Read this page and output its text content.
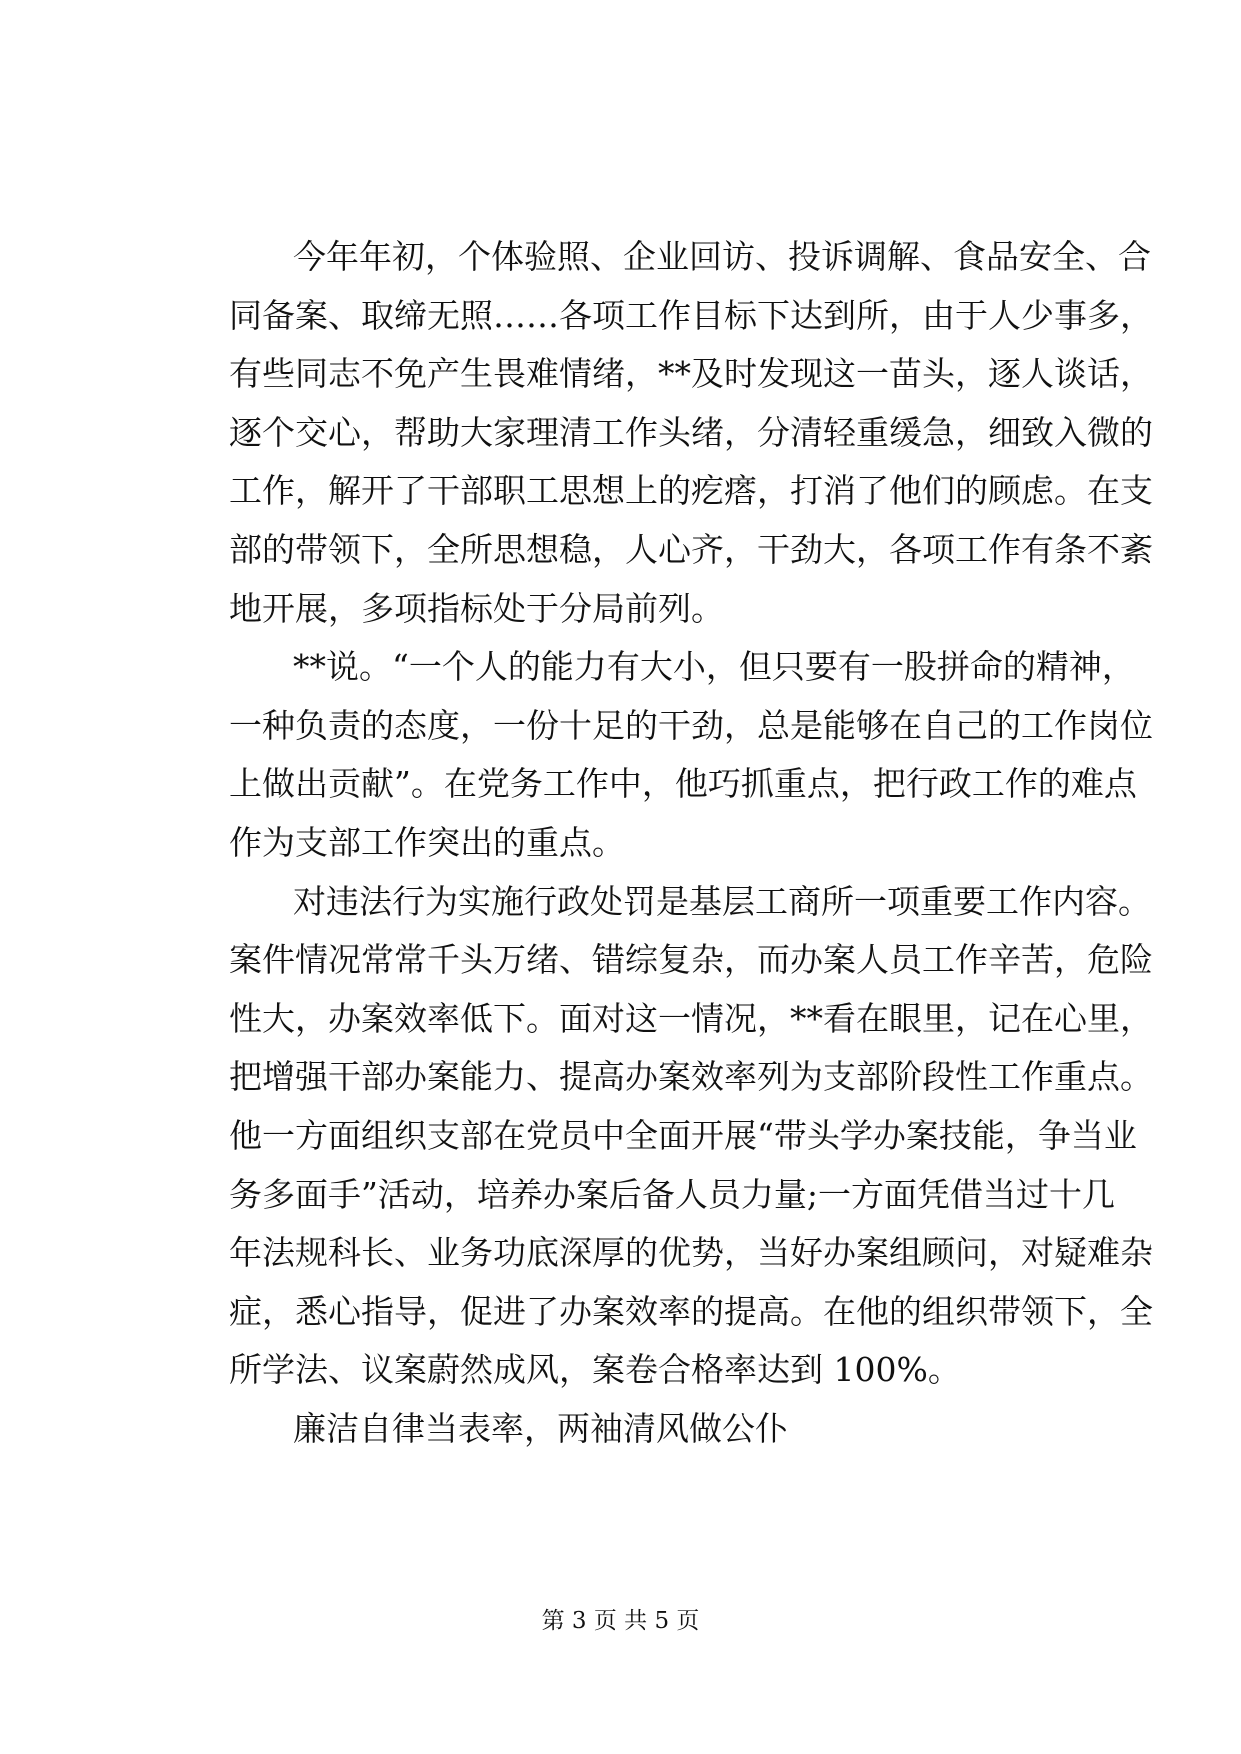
今年年初，个体验照、企业回访、投诉调解、食品安全、合
同备案、取缔无照……各项工作目标下达到所，由于人少事多，
有些同志不免产生畏难情绪，**及时发现这一苗头，逐人谈话，
逐个交心，帮助大家理清工作头绪，分清轻重缓急，细致入微的
工作，解开了干部职工思想上的疙瘩，打消了他们的顾虑。在支
部的带领下，全所思想稳，人心齐，干劲大，各项工作有条不紊
地开展，多项指标处于分局前列。
**说。“一个人的能力有大小，但只要有一股拼命的精神，
一种负责的态度，一份十足的干劲，总是能够在自己的工作岗位
上做出贡献”。在党务工作中，他巧抓重点，把行政工作的难点
作为支部工作突出的重点。
对违法行为实施行政处罚是基层工商所一项重要工作内容。
案件情况常常千头万绪、错综复杂，而办案人员工作辛苦，危险
性大，办案效率低下。面对这一情况，**看在眼里，记在心里，
把增强干部办案能力、提高办案效率列为支部阶段性工作重点。
他一方面组织支部在党员中全面开展“带头学办案技能，争当业
务多面手”活动，培养办案后备人员力量;一方面凭借当过十几
年法规科长、业务功底深厚的优势，当好办案组顾问，对疑难杂
症，悉心指导，促进了办案效率的提高。在他的组织带领下，全
所学法、议案蔚然成风，案卷合格率达到 100%。
廉洁自律当表率，两袖清风做公仆
第 3 页 共 5 页
